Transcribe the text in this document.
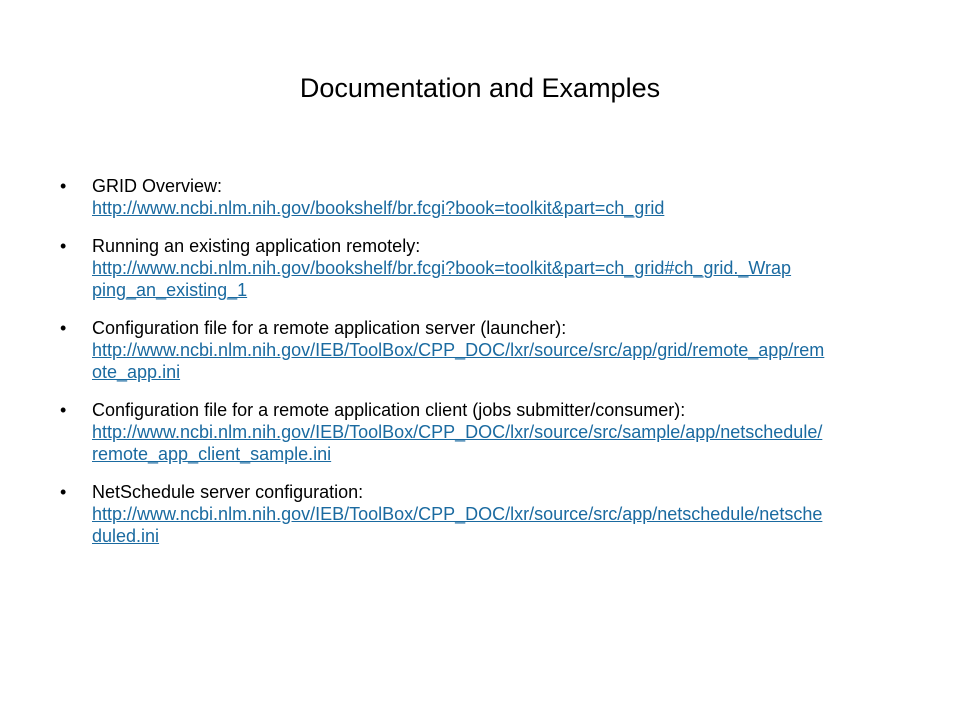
Documentation and Examples
•	GRID Overview:
http://www.ncbi.nlm.nih.gov/bookshelf/br.fcgi?book=toolkit&part=ch_grid
•	Running an existing application remotely:
http://www.ncbi.nlm.nih.gov/bookshelf/br.fcgi?book=toolkit&part=ch_grid#ch_grid._Wrap
ping_an_existing_1
•	Configuration file for a remote application server (launcher):
http://www.ncbi.nlm.nih.gov/IEB/ToolBox/CPP_DOC/lxr/source/src/app/grid/remote_app/rem
ote_app.ini
•	Configuration file for a remote application client (jobs submitter/consumer):
http://www.ncbi.nlm.nih.gov/IEB/ToolBox/CPP_DOC/lxr/source/src/sample/app/netschedule/
remote_app_client_sample.ini
•	NetSchedule server configuration:
http://www.ncbi.nlm.nih.gov/IEB/ToolBox/CPP_DOC/lxr/source/src/app/netschedule/netsche
duled.ini
